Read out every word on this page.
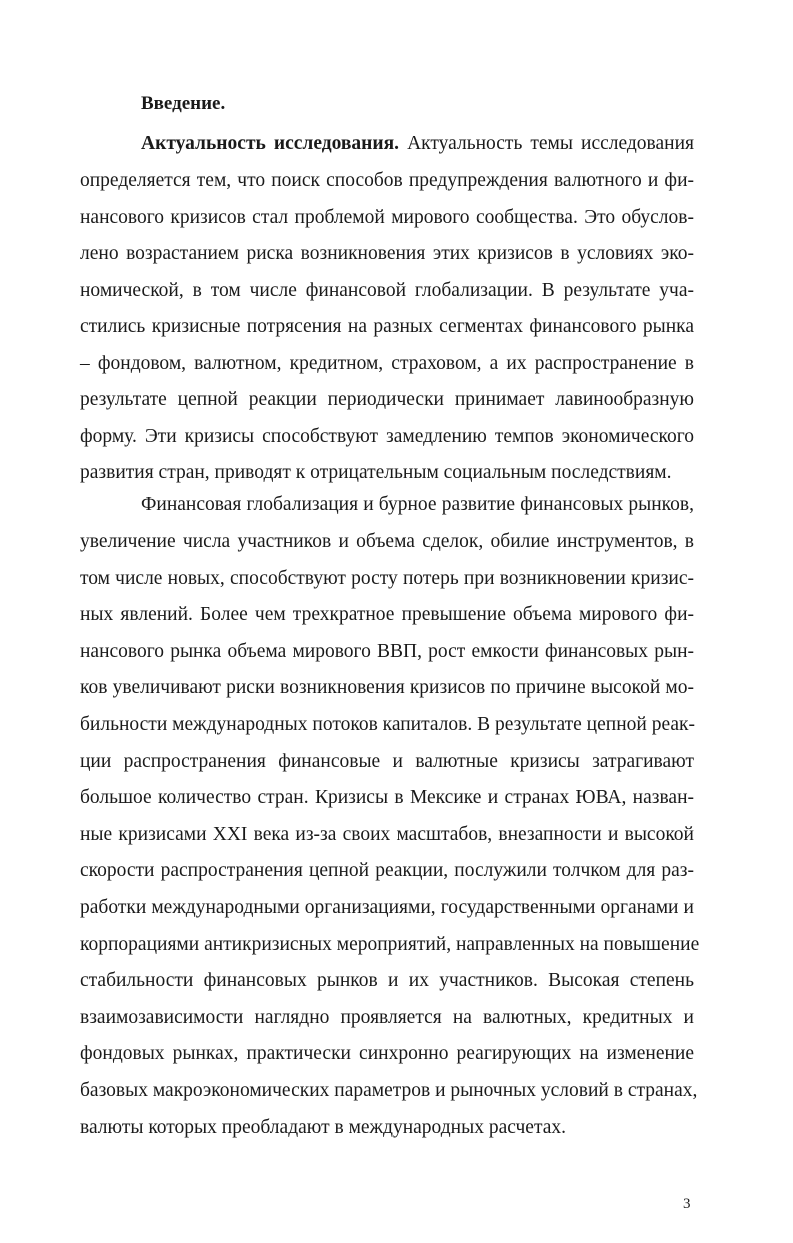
Введение.
Актуальность исследования. Актуальность темы исследования
определяется тем, что поиск способов предупреждения валютного и фи-
нансового кризисов стал проблемой мирового сообщества. Это обуслов-
лено возрастанием риска возникновения этих кризисов в условиях эко-
номической, в том числе финансовой глобализации. В результате уча-
стились кризисные потрясения на разных сегментах финансового рынка
– фондовом, валютном, кредитном, страховом, а их распространение в
результате цепной реакции периодически принимает лавинообразную
форму. Эти кризисы способствуют замедлению темпов экономического
развития стран, приводят к отрицательным социальным последствиям.
Финансовая глобализация и бурное развитие финансовых рынков,
увеличение числа участников и объема сделок, обилие инструментов, в
том числе новых, способствуют росту потерь при возникновении кризис-
ных явлений. Более чем трехкратное превышение объема мирового фи-
нансового рынка объема мирового ВВП, рост емкости финансовых рын-
ков увеличивают риски возникновения кризисов по причине высокой мо-
бильности международных потоков капиталов. В результате цепной реак-
ции распространения финансовые и валютные кризисы затрагивают
большое количество стран. Кризисы в Мексике и странах ЮВА, назван-
ные кризисами XXI века из-за своих масштабов, внезапности и высокой
скорости распространения цепной реакции, послужили толчком для раз-
работки международными организациями, государственными органами и
корпорациями антикризисных мероприятий, направленных на повышение
стабильности финансовых рынков и их участников. Высокая степень
взаимозависимости наглядно проявляется на валютных, кредитных и
фондовых рынках, практически синхронно реагирующих на изменение
базовых макроэкономических параметров и рыночных условий в странах,
валюты которых преобладают в международных расчетах.
3
